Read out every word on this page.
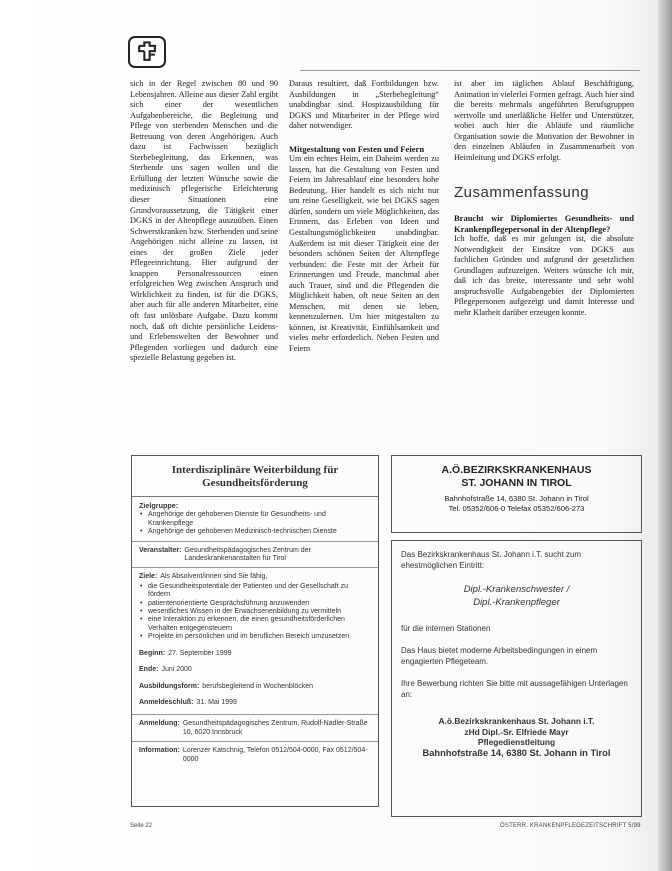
sich in der Regel zwischen 80 und 90 Lebensjahren. Alleine aus dieser Zahl ergibt sich einer der wesentlichen Aufgabenbereiche, die Begleitung und Pflege von sterbenden Menschen und die Betreuung von deren Angehörigen. Auch dazu ist Fachwissen bezüglich Sterbebegleitung, das Erkennen, was Sterbende uns sagen wollen und die Erfüllung der letzten Wünsche sowie die medizinisch pflegerische Erleichterung dieser Situationen eine Grundvoraussetzung, die Tätigkeit einer DGKS in der Altenpflege auszuüben. Einen Schwerstkranken bzw. Sterbenden und seine Angehörigen nicht alleine zu lassen, ist eines der großen Ziele jeder Pflegeeinrichtung. Hier aufgrund der knappen Personalressourcen einen erfolgreichen Weg zwischen Anspruch und Wirklichkeit zu finden, ist für die DGKS, aber auch für alle anderen Mitarbeiter, eine oft fast unlösbare Aufgabe. Dazu kommt noch, daß oft dichte persönliche Leidens- und Erlebenswelten der Bewohner und Pflegenden vorliegen und dadurch eine spezielle Belastung gegeben ist.

Daraus resultiert, daß Fortbildungen bzw. Ausbildungen in „Sterbebegleitung“ unabdingbar sind. Hospizausbildung für DGKS und Mitarbeiter in der Pflege wird daher notwendiger.

Mitgestaltung von Festen und Feiern

Um ein echtes Heim, ein Daheim werden zu lassen, hat die Gestaltung von Festen und Feiern im Jahresablauf eine besonders hohe Bedeutung. Hier handelt es sich nicht nur um reine Geselligkeit, wie bei DGKS sagen dürfen, sondern um viele Möglichkeiten, das Erinnern, das Erleben von Ideen und Gestaltungsmöglichkeiten unabdingbar. Außerdem ist mit dieser Tätigkeit eine der besonders schönen Seiten der Altenpflege verbunden: die Feste mit der Arbeit für Erinnerungen und Freude, manchmal aber auch Trauer, sind und die Pflegenden die Möglichkeit haben, oft neue Seiten an den Menschen, mit denen sie leben, kennenzulernen. Um hier mitgestalten zu können, ist Kreativität, Einfühlsamkeit und vieles mehr erforderlich. Neben Festen und Feiern

ist aber im täglichen Ablauf Beschäftigung, Animation in vielerlei Formen gefragt. Auch hier sind die bereits mehrmals angeführten Berufsgruppen wertvolle und unerläßliche Helfer und Unterstützer, wobei auch hier die Abläufe und räumliche Organisation sowie die Motivation der Bewohner in den einzelnen Abläufen in Zusammenarbeit von Heimleitung und DGKS erfolgt.

Zusammenfassung

Braucht wir Diplomiertes Gesundheits- und Krankenpflegepersonal in der Altenpflege?

Ich hoffe, daß es mir gelungen ist, die absolute Notwendigkeit der Einsätze von DGKS aus fachlichen Gründen und aufgrund der gesetzlichen Grundlagen aufzuzeigen. Weiters wünsche ich mir, daß ich das breite, interessante und sehr wohl anspruchsvolle Aufgabengebiet der Diplomierten Pflegepersonen aufgezeigt und damit Interesse und mehr Klarheit darüber erzeugen konnte.

Interdisziplinäre Weiterbildung für Gesundheitsförderung
Zielgruppe:
• Angehörige der gehobenen Dienste für Gesundheits- und Krankenpflege
• Angehörige der gehobenen Medizinisch-technischen Dienste
Veranstalter: Gesundheitspädagogisches Zentrum der Landeskrankenanstalten für Tirol
Ziele: Als Absolvent/innen sind Sie fähig,
• die Gesundheitspotentiale der Patienten und der Gesellschaft zu fördern
• patientenorientierte Gesprächsführung anzuwenden
• wesentliches Wissen in der Erwachsenenbildung zu vermitteln
• eine Interaktion zu erkennen, die einen gesundheitsförderlichen Verhalten entgegensteuern
• Projekte im persönlichen und im beruflichen Bereich umzusetzen
Beginn: 27. September 1999
Ende: Juni 2000
Ausbildungsform: berufsbegleitend in Wochenblöcken
Anmeldeschluß: 31. Mai 1999
Anmeldung: Gesundheitspädagogisches Zentrum, Rudolf-Nadler-Straße 10, 6020 Innsbruck
Information: Lorenzer Katschnig, Telefon 0512/504-0000, Fax 0512/504-0000
A.Ö.BEZIRKSKRANKENHAUS
ST. JOHANN IN TIROL
Bahnhofstraße 14, 6380 St. Johann in Tirol
Tel. 05352/606-0 Telefax 05352/606-273

Das Bezirkskrankenhaus St. Johann i.T. sucht zum ehestmöglichen Eintritt:

Dipl.-Krankenschwester /
Dipl.-Krankenpfleger

für die internen Stationen

Das Haus bietet moderne Arbeitsbedingungen in einem engagierten Pflegeteam.

Ihre Bewerbung richten Sie bitte mit aussagefähigen Unterlagen an:

A.ö.Bezirkskrankenhaus St. Johann i.T.
zHd Dipl.-Sr. Elfriede Mayr
Pflegedienstleitung
Bahnhofstraße 14, 6380 St. Johann in Tirol

Seite 22	ÖSTERR. KRANKENPFLEGEZEITSCHRIFT 5/99
